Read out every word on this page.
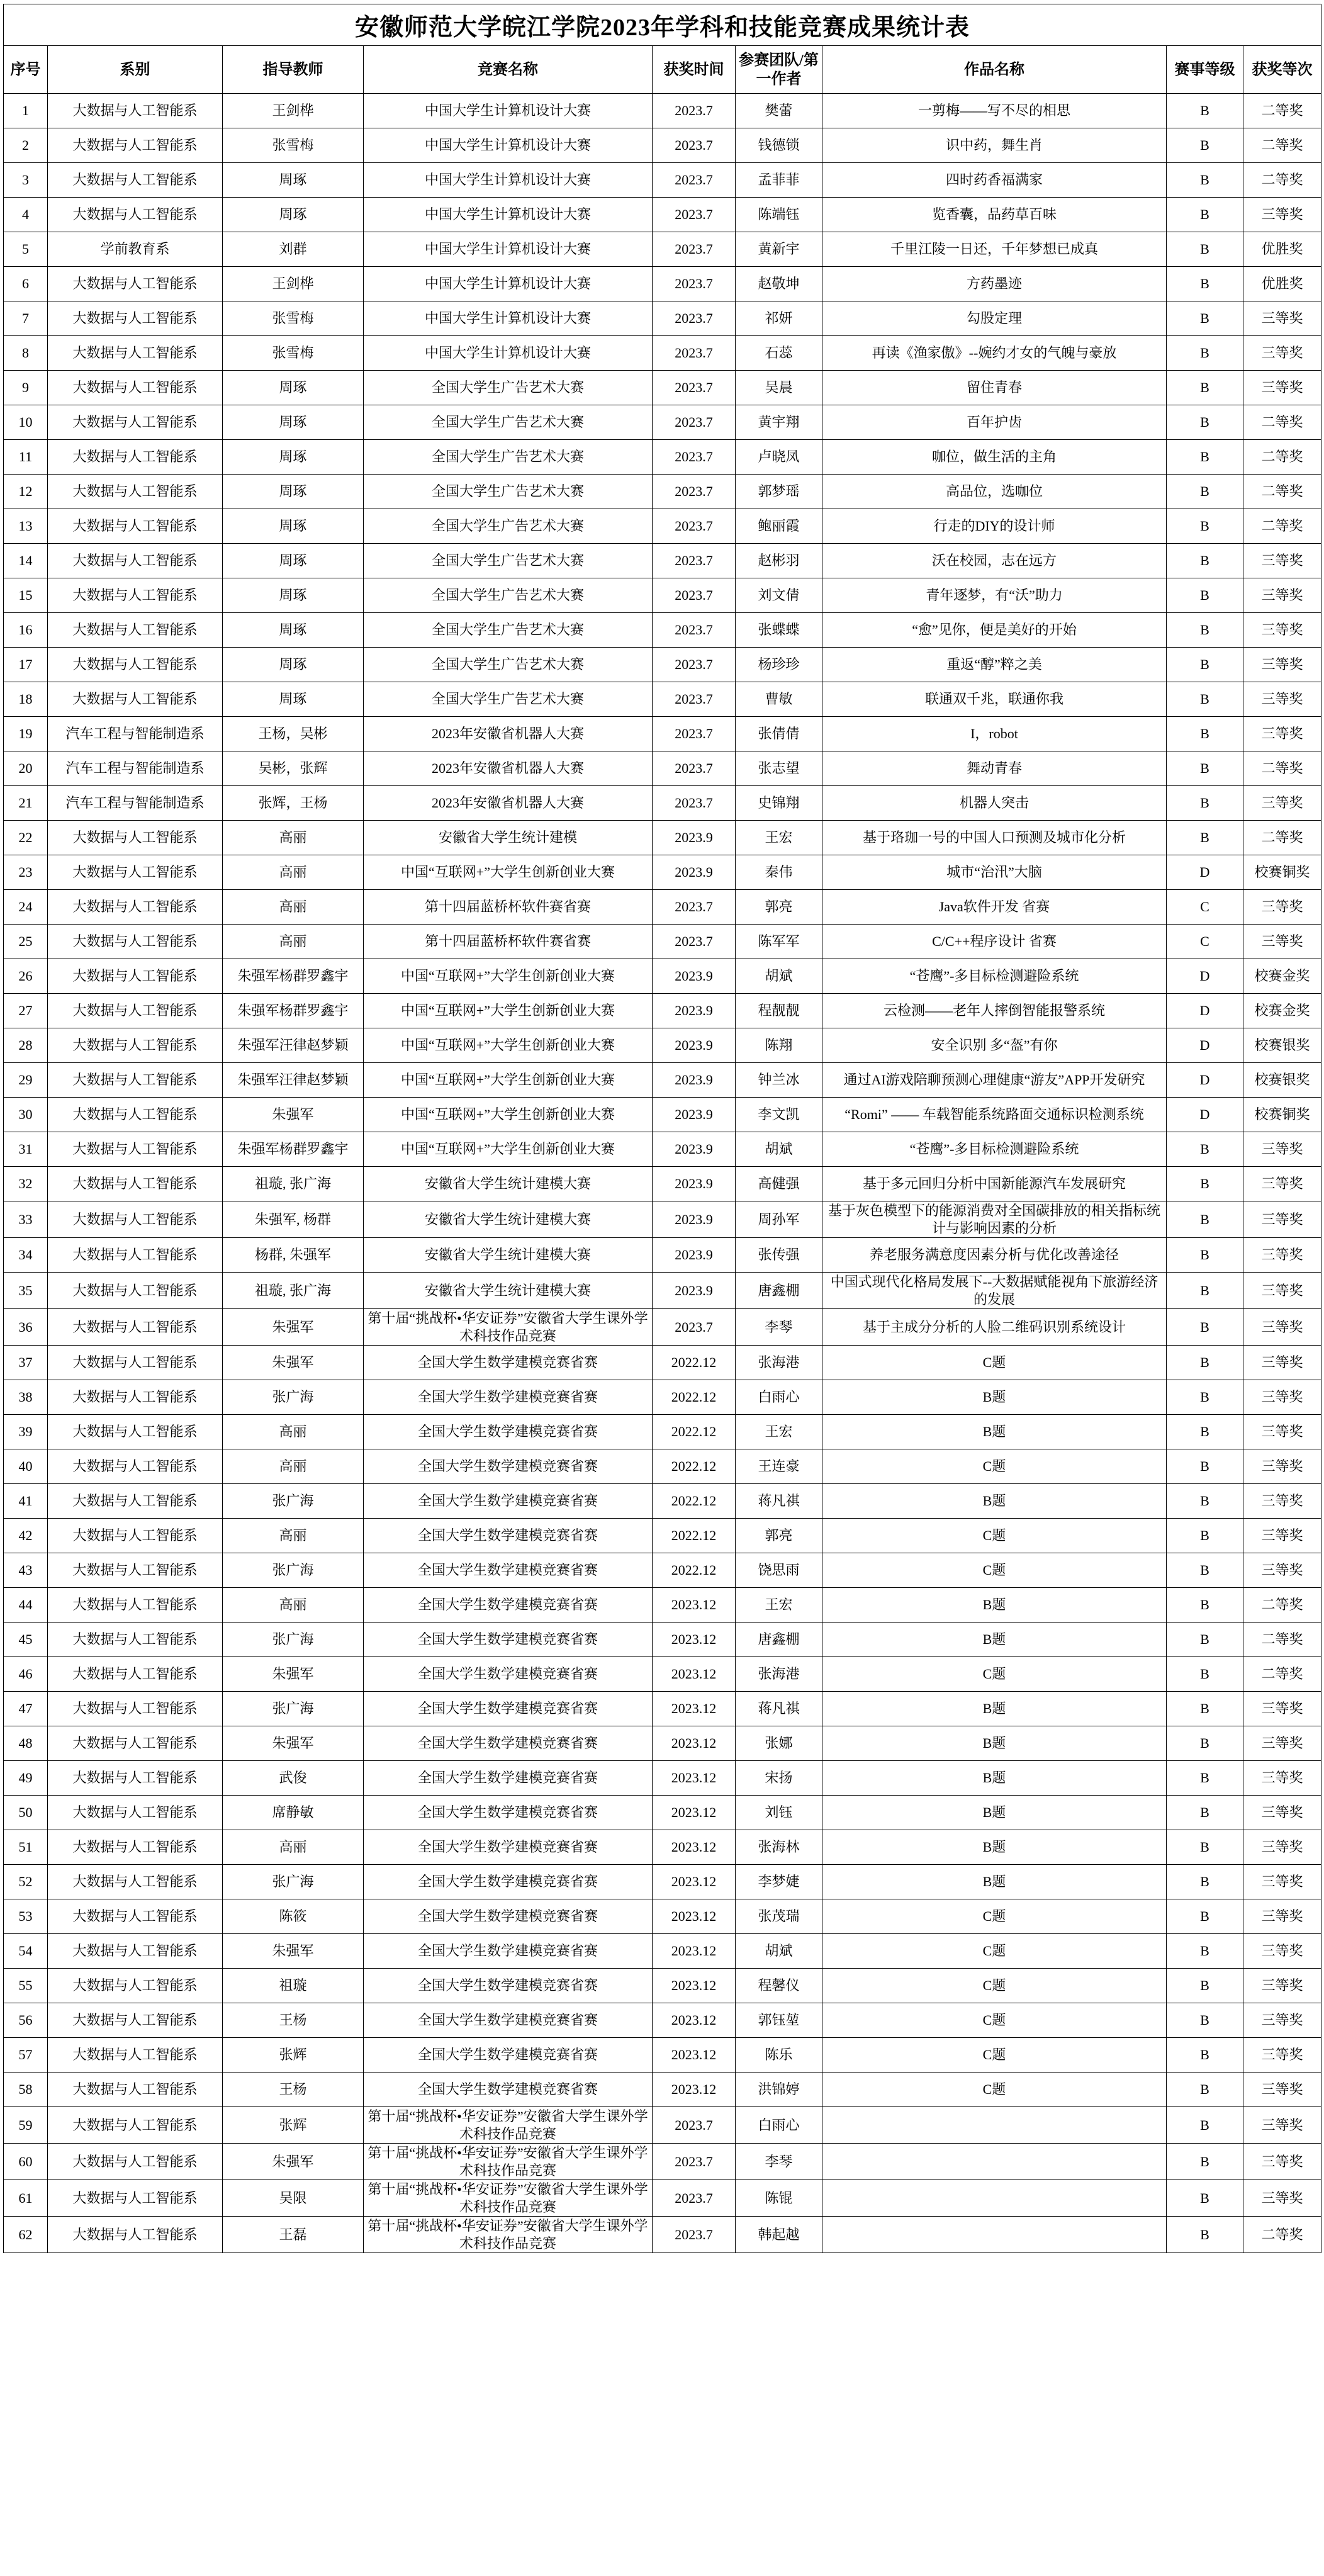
安徽师范大学皖江学院2023年学科和技能竞赛成果统计表								
序号	系别	指导教师	竞赛名称	获奖时间	参赛团队/第一作者	作品名称	赛事等级	获奖等次
1	大数据与人工智能系	王剑桦	中国大学生计算机设计大赛	2023.7	樊蕾	一剪梅——写不尽的相思	B	二等奖
2	大数据与人工智能系	张雪梅	中国大学生计算机设计大赛	2023.7	钱德锁	识中药，舞生肖	B	二等奖
3	大数据与人工智能系	周琢	中国大学生计算机设计大赛	2023.7	孟菲菲	四时药香福满家	B	二等奖
4	大数据与人工智能系	周琢	中国大学生计算机设计大赛	2023.7	陈端钰	览香囊，品药草百味	B	三等奖
5	学前教育系	刘群	中国大学生计算机设计大赛	2023.7	黄新宇	千里江陵一日还，千年梦想已成真	B	优胜奖
6	大数据与人工智能系	王剑桦	中国大学生计算机设计大赛	2023.7	赵敬坤	方药墨迹	B	优胜奖
7	大数据与人工智能系	张雪梅	中国大学生计算机设计大赛	2023.7	祁妍	勾股定理	B	三等奖
8	大数据与人工智能系	张雪梅	中国大学生计算机设计大赛	2023.7	石蕊	再读《渔家傲》--婉约才女的气魄与豪放	B	三等奖
9	大数据与人工智能系	周琢	全国大学生广告艺术大赛	2023.7	吴晨	留住青春	B	三等奖
10	大数据与人工智能系	周琢	全国大学生广告艺术大赛	2023.7	黄宇翔	百年护齿	B	二等奖
11	大数据与人工智能系	周琢	全国大学生广告艺术大赛	2023.7	卢晓凤	咖位，做生活的主角	B	二等奖
12	大数据与人工智能系	周琢	全国大学生广告艺术大赛	2023.7	郭梦瑶	高品位，选咖位	B	二等奖
13	大数据与人工智能系	周琢	全国大学生广告艺术大赛	2023.7	鲍丽霞	行走的DIY的设计师	B	二等奖
14	大数据与人工智能系	周琢	全国大学生广告艺术大赛	2023.7	赵彬羽	沃在校园，志在远方	B	三等奖
15	大数据与人工智能系	周琢	全国大学生广告艺术大赛	2023.7	刘文倩	青年逐梦，有“沃”助力	B	三等奖
16	大数据与人工智能系	周琢	全国大学生广告艺术大赛	2023.7	张蝶蝶	“愈”见你，便是美好的开始	B	三等奖
17	大数据与人工智能系	周琢	全国大学生广告艺术大赛	2023.7	杨珍珍	重返“醇”粹之美	B	三等奖
18	大数据与人工智能系	周琢	全国大学生广告艺术大赛	2023.7	曹敏	联通双千兆，联通你我	B	三等奖
19	汽车工程与智能制造系	王杨，吴彬	2023年安徽省机器人大赛	2023.7	张倩倩	I，robot	B	三等奖
20	汽车工程与智能制造系	吴彬，张辉	2023年安徽省机器人大赛	2023.7	张志望	舞动青春	B	二等奖
21	汽车工程与智能制造系	张辉，王杨	2023年安徽省机器人大赛	2023.7	史锦翔	机器人突击	B	三等奖
22	大数据与人工智能系	高丽	安徽省大学生统计建模	2023.9	王宏	基于珞珈一号的中国人口预测及城市化分析	B	二等奖
23	大数据与人工智能系	高丽	中国“互联网+”大学生创新创业大赛	2023.9	秦伟	城市“治汛”大脑	D	校赛铜奖
24	大数据与人工智能系	高丽	第十四届蓝桥杯软件赛省赛	2023.7	郭亮	Java软件开发 省赛	C	三等奖
25	大数据与人工智能系	高丽	第十四届蓝桥杯软件赛省赛	2023.7	陈军军	C/C++程序设计 省赛	C	三等奖
26	大数据与人工智能系	朱强军杨群罗鑫宇	中国“互联网+”大学生创新创业大赛	2023.9	胡斌	“苍鹰”-多目标检测避险系统	D	校赛金奖
27	大数据与人工智能系	朱强军杨群罗鑫宇	中国“互联网+”大学生创新创业大赛	2023.9	程靓靓	云检测——老年人摔倒智能报警系统	D	校赛金奖
28	大数据与人工智能系	朱强军汪律赵梦颖	中国“互联网+”大学生创新创业大赛	2023.9	陈翔	安全识别 多“盔”有你	D	校赛银奖
29	大数据与人工智能系	朱强军汪律赵梦颖	中国“互联网+”大学生创新创业大赛	2023.9	钟兰冰	通过AI游戏陪聊预测心理健康“游友”APP开发研究	D	校赛银奖
30	大数据与人工智能系	朱强军	中国“互联网+”大学生创新创业大赛	2023.9	李文凯	“Romi” —— 车载智能系统路面交通标识检测系统	D	校赛铜奖
31	大数据与人工智能系	朱强军杨群罗鑫宇	中国“互联网+”大学生创新创业大赛	2023.9	胡斌	“苍鹰”-多目标检测避险系统	B	三等奖
32	大数据与人工智能系	祖璇, 张广海	安徽省大学生统计建模大赛	2023.9	高健强	基于多元回归分析中国新能源汽车发展研究	B	三等奖
33	大数据与人工智能系	朱强军, 杨群	安徽省大学生统计建模大赛	2023.9	周孙军	基于灰色模型下的能源消费对全国碳排放的相关指标统计与影响因素的分析	B	三等奖
34	大数据与人工智能系	杨群, 朱强军	安徽省大学生统计建模大赛	2023.9	张传强	养老服务满意度因素分析与优化改善途径	B	三等奖
35	大数据与人工智能系	祖璇, 张广海	安徽省大学生统计建模大赛	2023.9	唐鑫棚	中国式现代化格局发展下--大数据赋能视角下旅游经济的发展	B	三等奖
36	大数据与人工智能系	朱强军	第十届“挑战杯•华安证券”安徽省大学生课外学术科技作品竞赛	2023.7	李琴	基于主成分分析的人脸二维码识别系统设计	B	三等奖
37	大数据与人工智能系	朱强军	全国大学生数学建模竞赛省赛	2022.12	张海港	C题	B	三等奖
38	大数据与人工智能系	张广海	全国大学生数学建模竞赛省赛	2022.12	白雨心	B题	B	三等奖
39	大数据与人工智能系	高丽	全国大学生数学建模竞赛省赛	2022.12	王宏	B题	B	三等奖
40	大数据与人工智能系	高丽	全国大学生数学建模竞赛省赛	2022.12	王连豪	C题	B	三等奖
41	大数据与人工智能系	张广海	全国大学生数学建模竞赛省赛	2022.12	蒋凡祺	B题	B	三等奖
42	大数据与人工智能系	高丽	全国大学生数学建模竞赛省赛	2022.12	郭亮	C题	B	三等奖
43	大数据与人工智能系	张广海	全国大学生数学建模竞赛省赛	2022.12	饶思雨	C题	B	三等奖
44	大数据与人工智能系	高丽	全国大学生数学建模竞赛省赛	2023.12	王宏	B题	B	二等奖
45	大数据与人工智能系	张广海	全国大学生数学建模竞赛省赛	2023.12	唐鑫棚	B题	B	二等奖
46	大数据与人工智能系	朱强军	全国大学生数学建模竞赛省赛	2023.12	张海港	C题	B	二等奖
47	大数据与人工智能系	张广海	全国大学生数学建模竞赛省赛	2023.12	蒋凡祺	B题	B	三等奖
48	大数据与人工智能系	朱强军	全国大学生数学建模竞赛省赛	2023.12	张娜	B题	B	三等奖
49	大数据与人工智能系	武俊	全国大学生数学建模竞赛省赛	2023.12	宋扬	B题	B	三等奖
50	大数据与人工智能系	席静敏	全国大学生数学建模竞赛省赛	2023.12	刘钰	B题	B	三等奖
51	大数据与人工智能系	高丽	全国大学生数学建模竞赛省赛	2023.12	张海林	B题	B	三等奖
52	大数据与人工智能系	张广海	全国大学生数学建模竞赛省赛	2023.12	李梦婕	B题	B	三等奖
53	大数据与人工智能系	陈筱	全国大学生数学建模竞赛省赛	2023.12	张茂瑞	C题	B	三等奖
54	大数据与人工智能系	朱强军	全国大学生数学建模竞赛省赛	2023.12	胡斌	C题	B	三等奖
55	大数据与人工智能系	祖璇	全国大学生数学建模竞赛省赛	2023.12	程馨仪	C题	B	三等奖
56	大数据与人工智能系	王杨	全国大学生数学建模竞赛省赛	2023.12	郭钰堃	C题	B	三等奖
57	大数据与人工智能系	张辉	全国大学生数学建模竞赛省赛	2023.12	陈乐	C题	B	三等奖
58	大数据与人工智能系	王杨	全国大学生数学建模竞赛省赛	2023.12	洪锦婷	C题	B	三等奖
59	大数据与人工智能系	张辉	第十届“挑战杯•华安证券”安徽省大学生课外学术科技作品竞赛	2023.7	白雨心		B	三等奖
60	大数据与人工智能系	朱强军	第十届“挑战杯•华安证券”安徽省大学生课外学术科技作品竞赛	2023.7	李琴		B	三等奖
61	大数据与人工智能系	吴限	第十届“挑战杯•华安证券”安徽省大学生课外学术科技作品竞赛	2023.7	陈锟		B	三等奖
62	大数据与人工智能系	王磊	第十届“挑战杯•华安证券”安徽省大学生课外学术科技作品竞赛	2023.7	韩起越		B	二等奖
